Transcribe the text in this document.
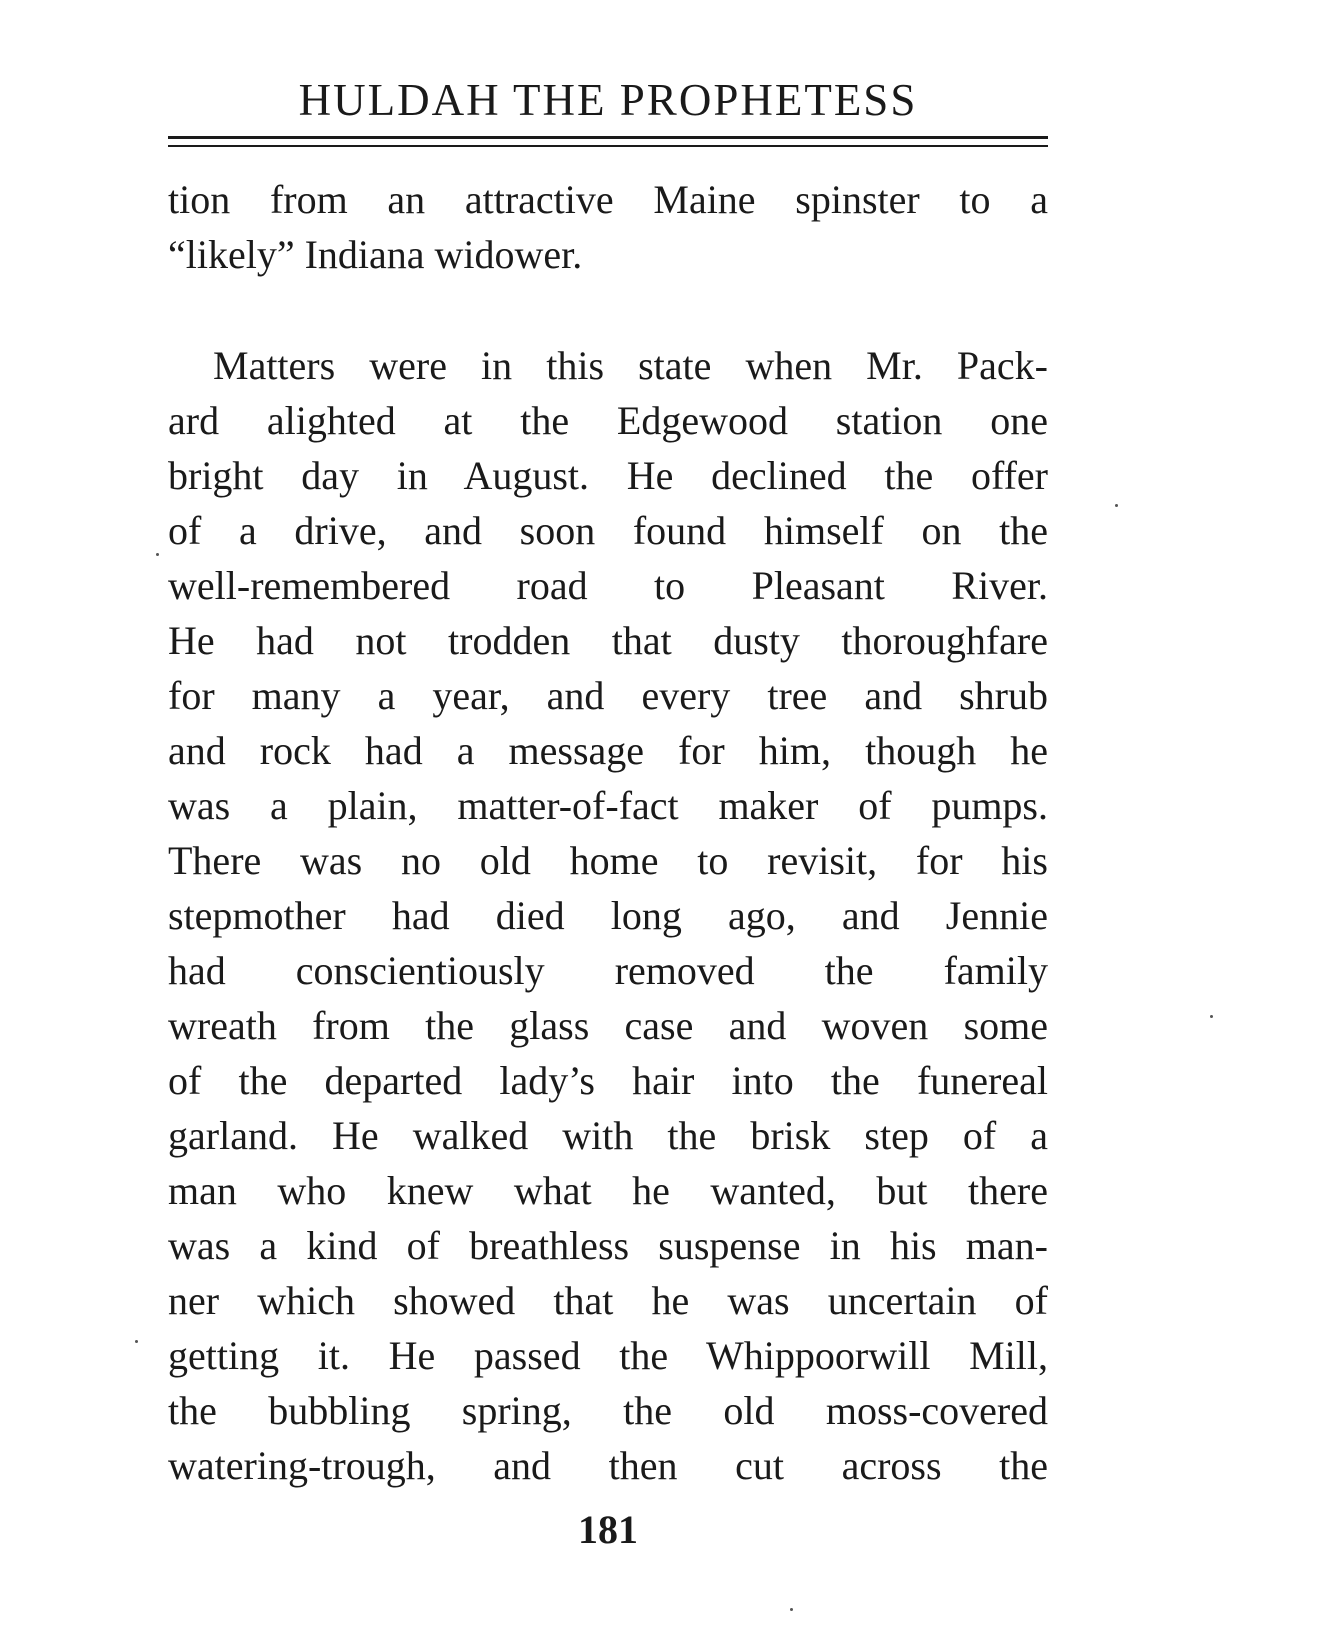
HULDAH THE PROPHETESS
tion from an attractive Maine spinster to a
“likely” Indiana widower.
Matters were in this state when Mr. Pack-
ard alighted at the Edgewood station one
bright day in August. He declined the offer
of a drive, and soon found himself on the
well-remembered road to Pleasant River.
He had not trodden that dusty thoroughfare
for many a year, and every tree and shrub
and rock had a message for him, though he
was a plain, matter-of-fact maker of pumps.
There was no old home to revisit, for his
stepmother had died long ago, and Jennie
had conscientiously removed the family
wreath from the glass case and woven some
of the departed lady’s hair into the funereal
garland. He walked with the brisk step of a
man who knew what he wanted, but there
was a kind of breathless suspense in his man-
ner which showed that he was uncertain of
getting it. He passed the Whippoorwill Mill,
the bubbling spring, the old moss-covered
watering-trough, and then cut across the
181
